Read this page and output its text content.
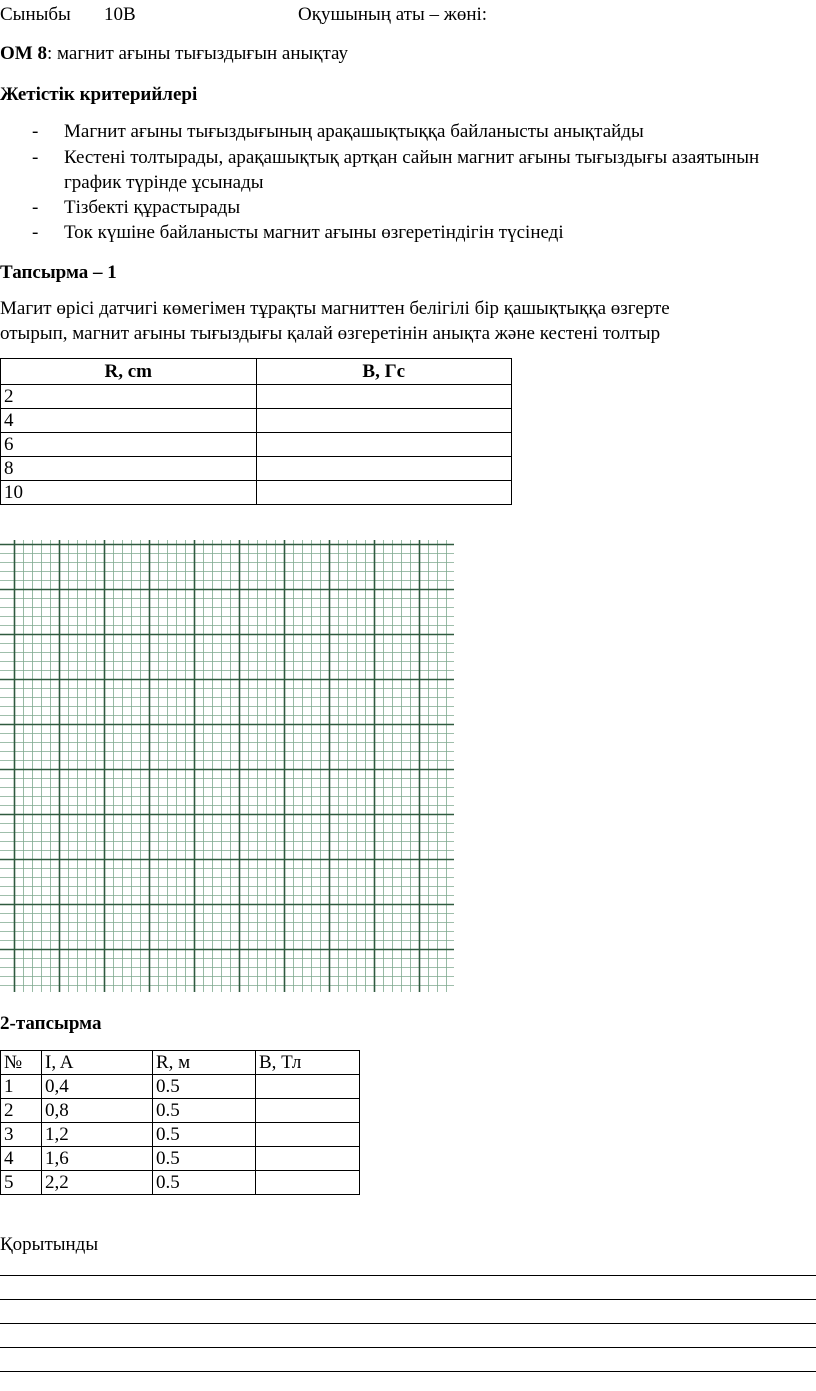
Сыныбы 10В	Оқушының аты – жөні:
ОМ 8: магнит ағыны тығыздығын анықтау
Жетістік критерийлері
- Магнит ағыны тығыздығының арақашықтыққа байланысты анықтайды
- Кестені толтырады, арақашықтық артқан сайын магнит ағыны тығыздығы азаятынын
график түрінде ұсынады
- Тізбекті құрастырады
- Ток күшіне байланысты магнит ағыны өзгеретіндігін түсінеді
Тапсырма – 1
Магит өрісі датчигі көмегімен тұрақты магниттен белігілі бір қашықтыққа өзгерте
отырып, магнит ағыны тығыздығы қалай өзгеретінін анықта және кестені толтыр
R, cm	B, Гс
2	
4	
6	
8	
10	
2-тапсырма
№	I, A	R, м	B, Тл
1	0,4	0.5	
2	0,8	0.5	
3	1,2	0.5	
4	1,6	0.5	
5	2,2	0.5	
Қорытынды
